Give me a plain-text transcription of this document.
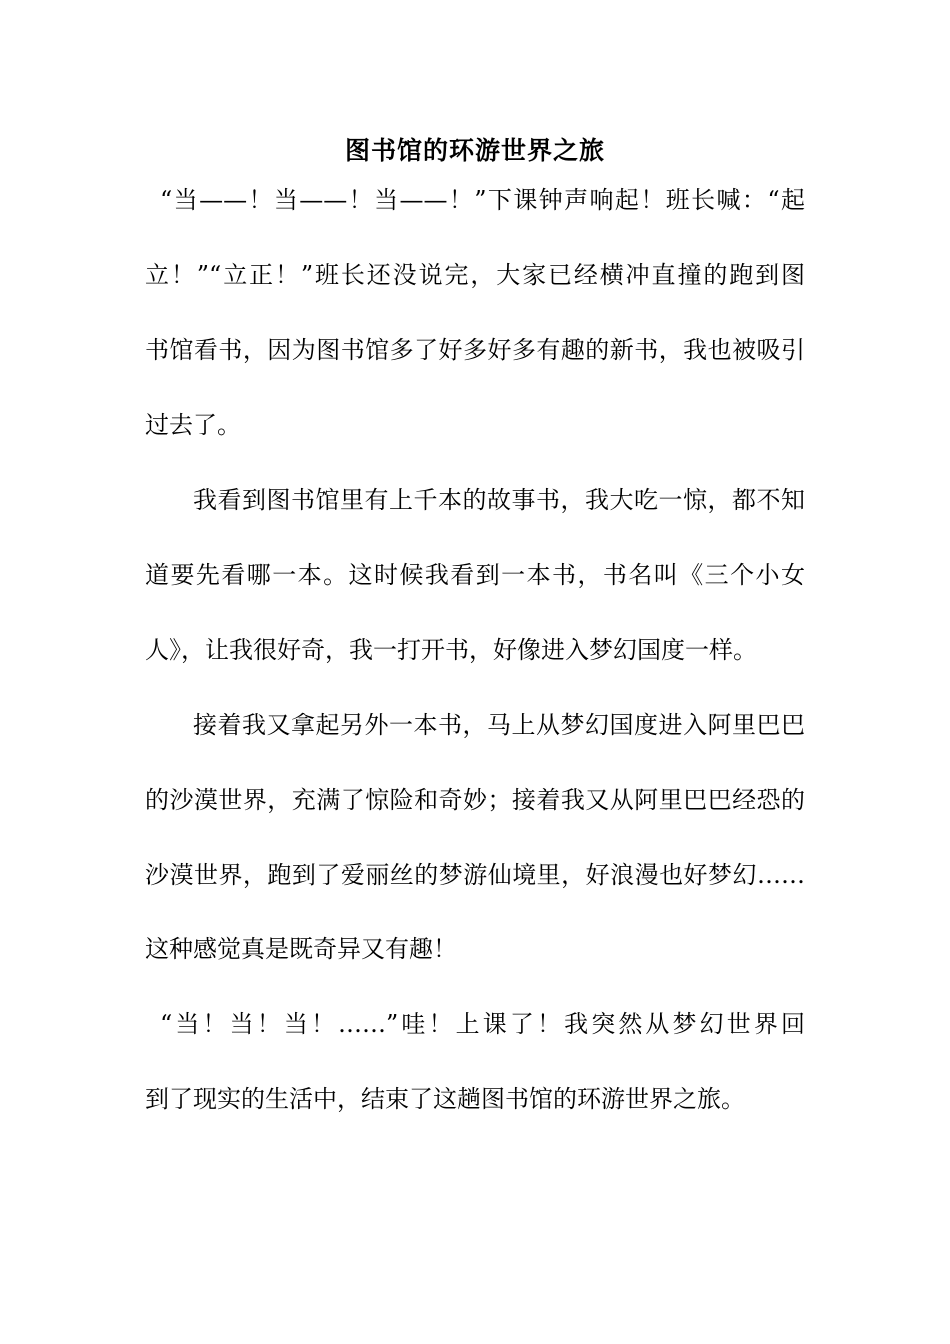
图书馆的环游世界之旅
“当——！当——！当——！”下课钟声响起！班长喊：“起
立！”“立正！”班长还没说完，大家已经横冲直撞的跑到图
书馆看书，因为图书馆多了好多好多有趣的新书，我也被吸引
过去了。
我看到图书馆里有上千本的故事书，我大吃一惊，都不知
道要先看哪一本。这时候我看到一本书，书名叫《三个小女
人》，让我很好奇，我一打开书，好像进入梦幻国度一样。
接着我又拿起另外一本书，马上从梦幻国度进入阿里巴巴
的沙漠世界，充满了惊险和奇妙；接着我又从阿里巴巴经恐的
沙漠世界，跑到了爱丽丝的梦游仙境里，好浪漫也好梦幻……
这种感觉真是既奇异又有趣！
“当！当！当！……”哇！上课了！我突然从梦幻世界回
到了现实的生活中，结束了这趟图书馆的环游世界之旅。
